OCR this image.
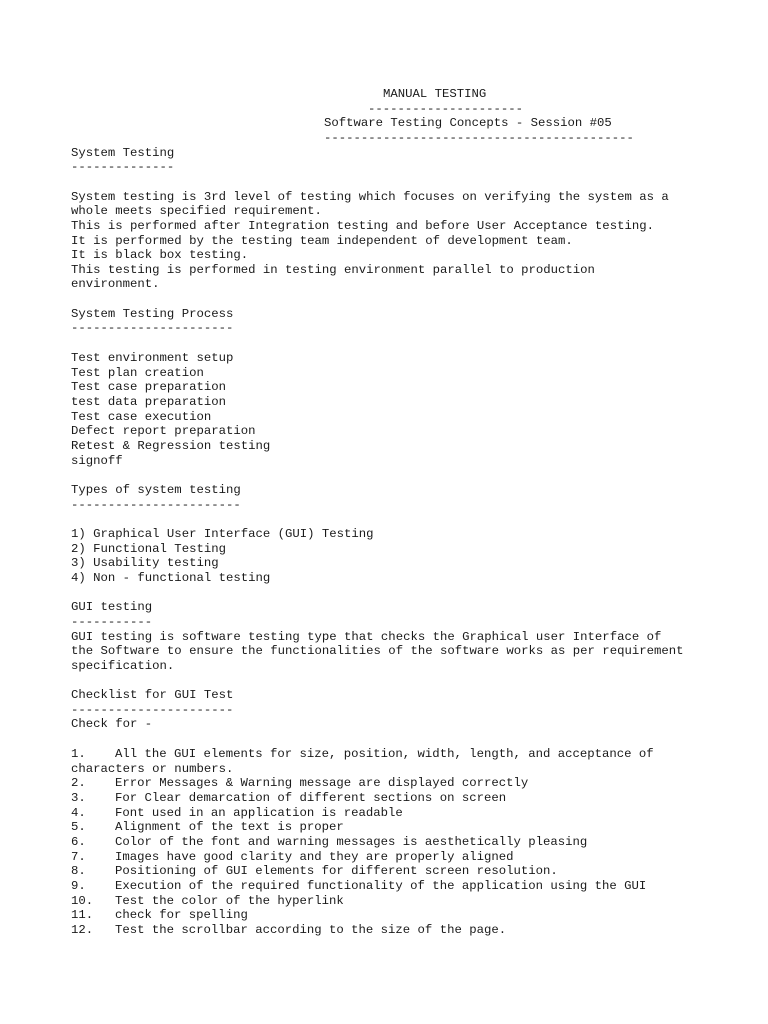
MANUAL TESTING
---------------------
Software Testing Concepts - Session #05
------------------------------------------
System Testing
--------------
System testing is 3rd level of testing which focuses on verifying the system as a
whole meets specified requirement.
This is performed after Integration testing and before User Acceptance testing.
It is performed by the testing team independent of development team.
It is black box testing.
This testing is performed in testing environment parallel to production
environment.
System Testing Process
----------------------
Test environment setup
Test plan creation
Test case preparation
test data preparation
Test case execution
Defect report preparation
Retest & Regression testing
signoff
Types of system testing
-----------------------
1) Graphical User Interface (GUI) Testing
2) Functional Testing
3) Usability testing
4) Non - functional testing
GUI testing
-----------
GUI testing is software testing type that checks the Graphical user Interface of
the Software to ensure the functionalities of the software works as per requirement
specification.
Checklist for GUI Test
----------------------
Check for -
1. All the GUI elements for size, position, width, length, and acceptance of
characters or numbers.
2. Error Messages & Warning message are displayed correctly
3. For Clear demarcation of different sections on screen
4. Font used in an application is readable
5. Alignment of the text is proper
6. Color of the font and warning messages is aesthetically pleasing
7. Images have good clarity and they are properly aligned
8. Positioning of GUI elements for different screen resolution.
9. Execution of the required functionality of the application using the GUI
10. Test the color of the hyperlink
11. check for spelling
12. Test the scrollbar according to the size of the page.
